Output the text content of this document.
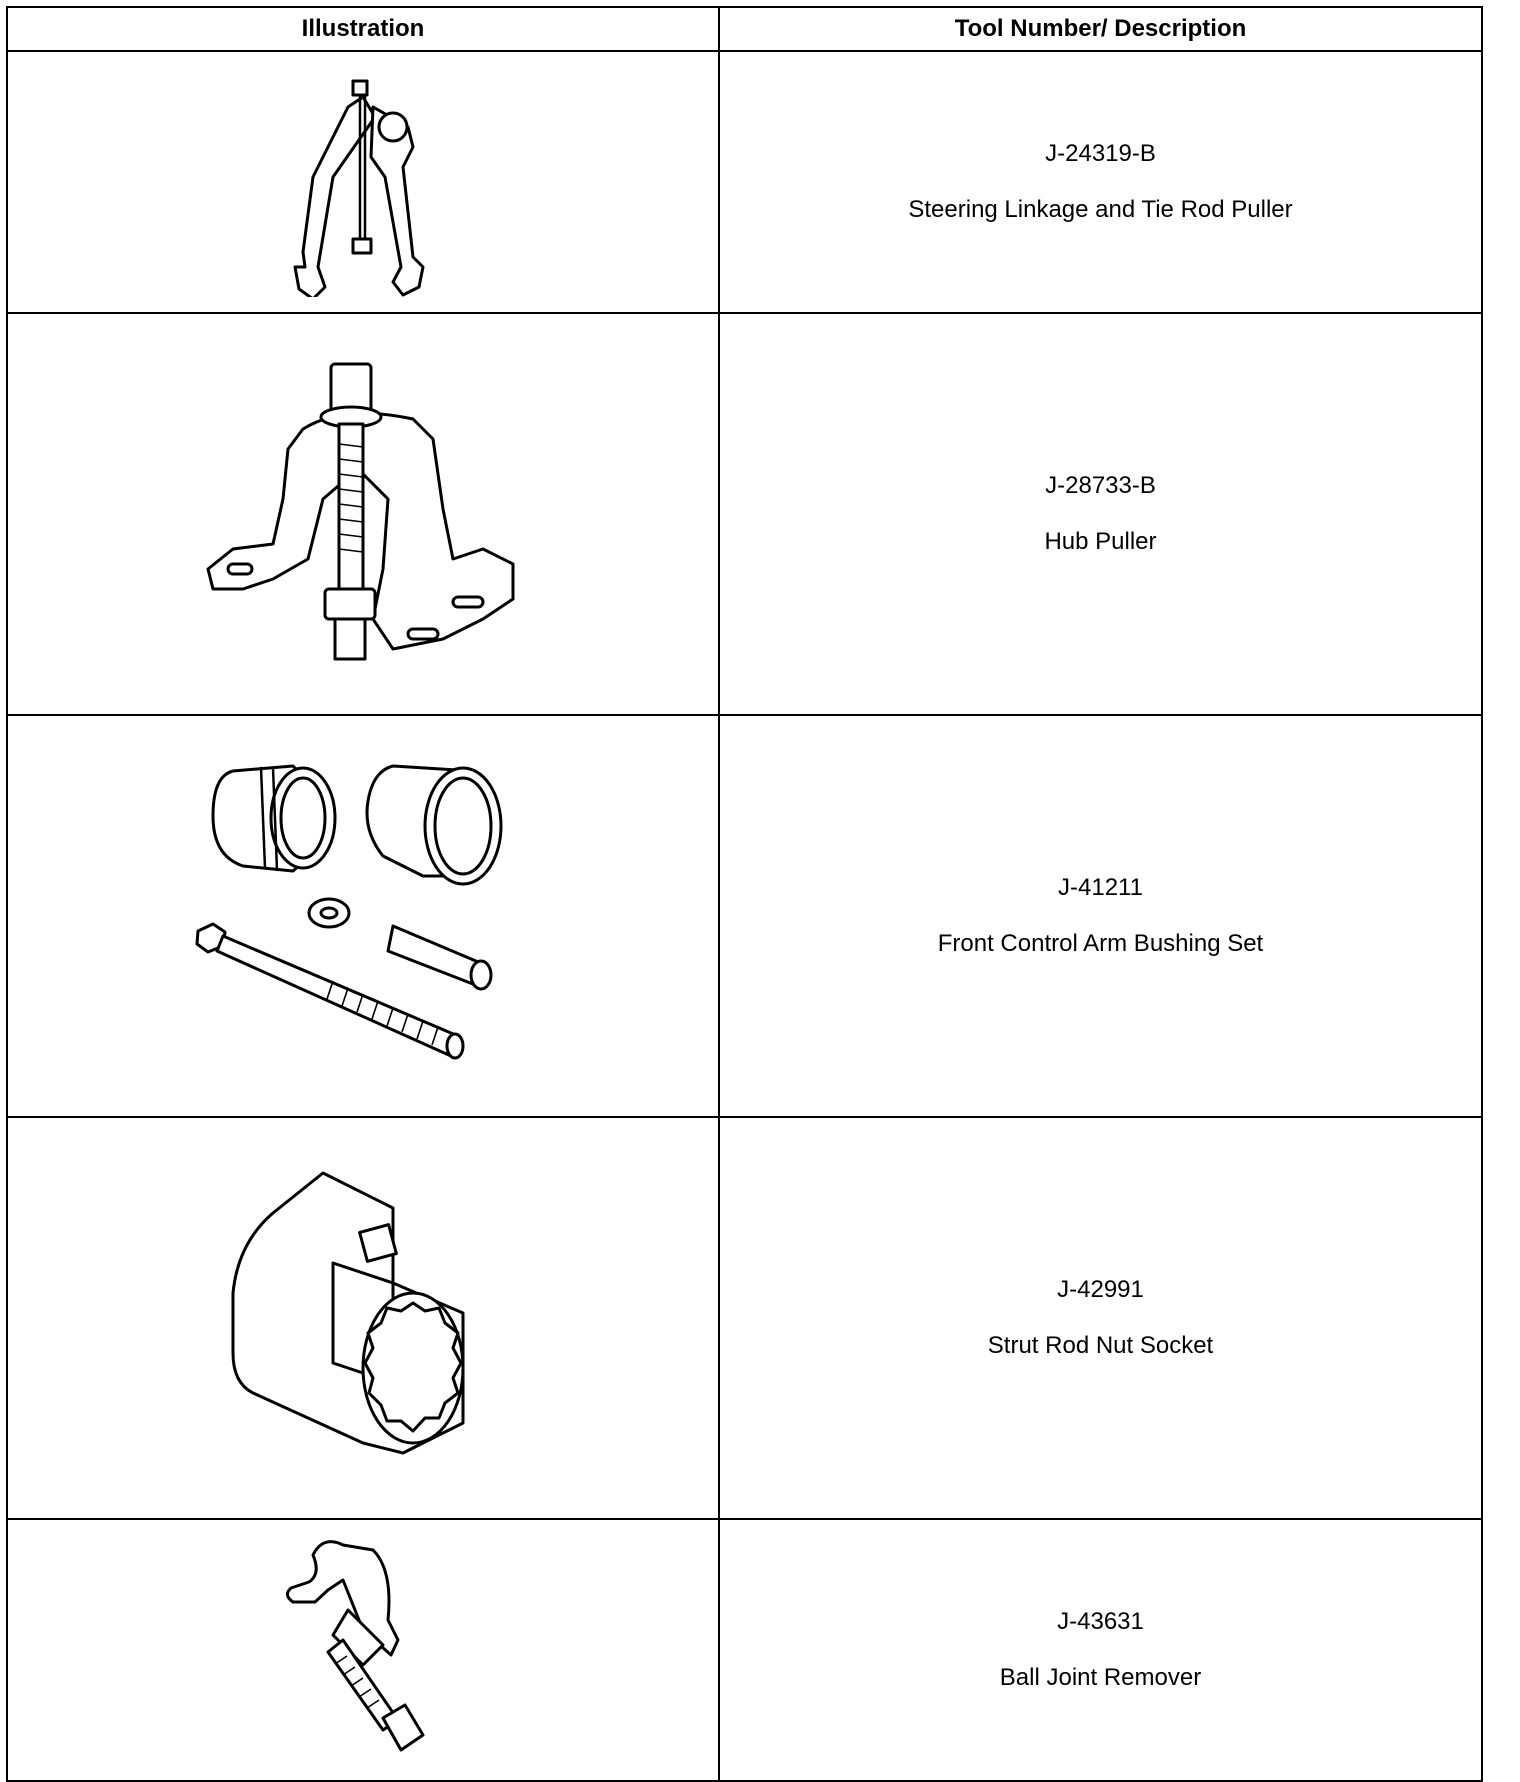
Illustration	Tool Number/ Description

J-24319-B
Steering Linkage and Tie Rod Puller

J-28733-B
Hub Puller

J-41211
Front Control Arm Bushing Set

J-42991
Strut Rod Nut Socket

J-43631
Ball Joint Remover
